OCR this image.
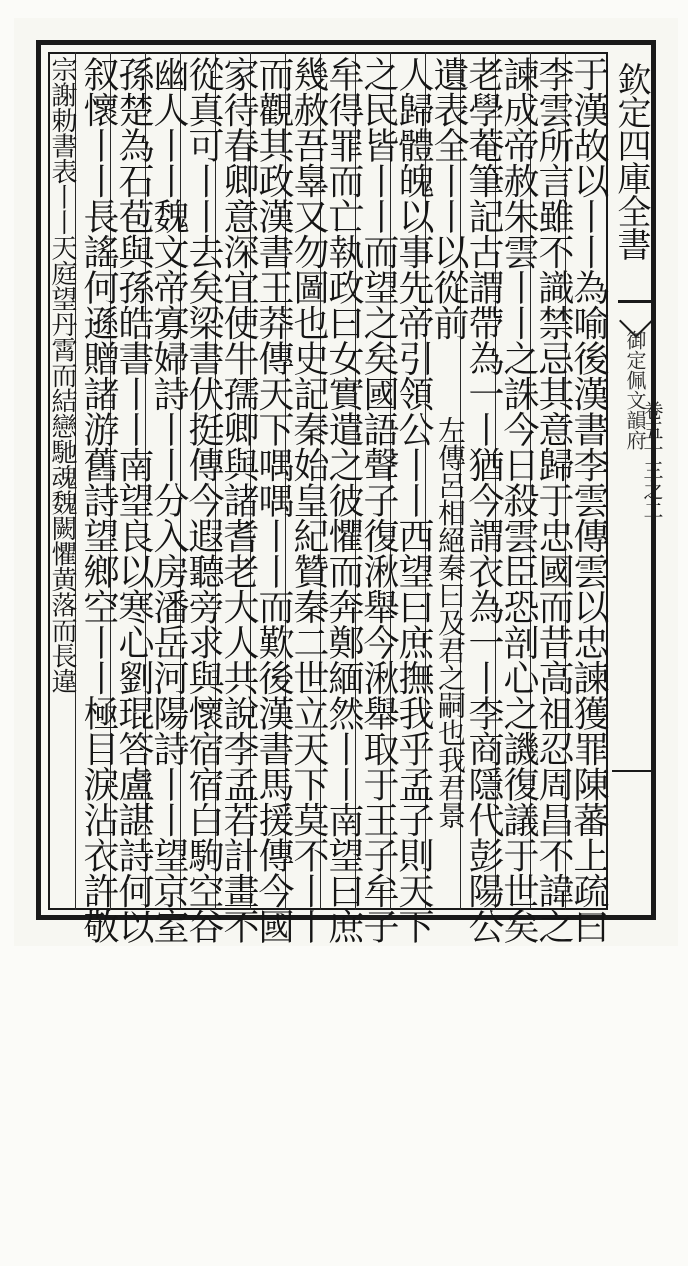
欽定四庫全書
御定佩文韻府
卷五十三之二
于漢故以丨丨為喻後漢書李雲傳雲以忠諫獲罪陳蕃上疏曰
李雲所言雖不識禁忌其意歸于忠國而昔高祖忍周昌不諱之
諫成帝赦朱雲丨丨之誅今日殺雲臣恐剖心之譏復議于世矣
老學菴筆記古謂帶為一丨猶今謂衣為一丨李商隱代彭陽公
遺表全丨丨以從前
左傳呂相絕秦曰及君之嗣也我君景
人歸體魄以事先帝引領公丨丨西望曰庶撫我乎孟子則天下
之民皆丨丨而望之矣國語聲子復湫舉今湫舉取于王子牟子
牟得罪而亡執政曰女實遣之彼懼而奔鄭緬然丨丨南望曰庶
幾赦吾辠又勿圖也史記秦始皇紀贊秦二世立天下莫不丨丨
而觀其政漢書王莽傳天下喁喁丨丨而歎後漢書馬援傳今國
家待春卿意深宜使牛孺卿與諸耆老大人共說李孟若計畫不
從真可丨丨去矣梁書伏挺傳今遐聽旁求與懷宿宿白駒空谷
幽人丨丨魏文帝寡婦詩丨丨分入房潘岳河陽詩丨丨望京室
孫楚為石苞與孫皓書丨丨南望良以寒心劉琨答盧諶詩何以
叙懷丨丨長謠何遜贈諸游舊詩望鄉空丨丨極目淚沾衣許敬
宗謝勅書表丨丨天庭望丹霄而結戀馳魂魏闕懼黄落而長違
